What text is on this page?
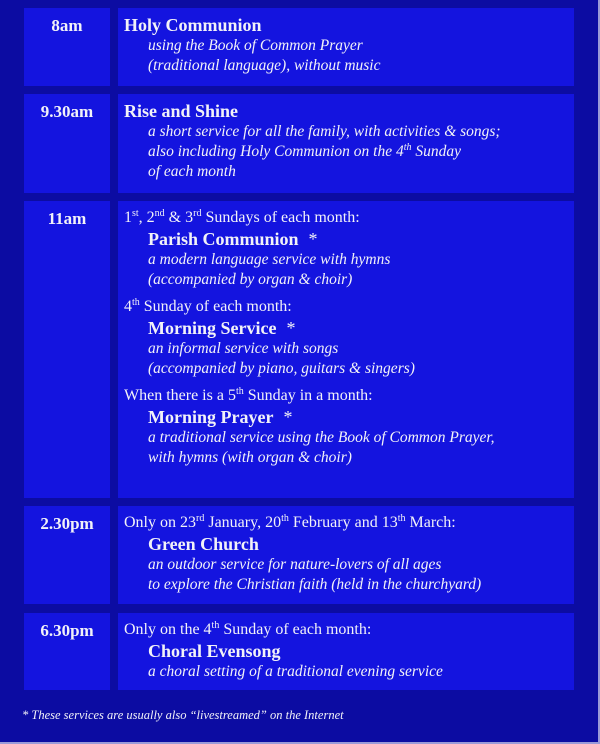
8am	Holy Communion
using the Book of Common Prayer
(traditional language), without music
9.30am	Rise and Shine
a short service for all the family, with activities & songs;
also including Holy Communion on the 4th Sunday
of each month
11am	1st, 2nd & 3rd Sundays of each month:
Parish Communion *
a modern language service with hymns
(accompanied by organ & choir)
4th Sunday of each month:
Morning Service *
an informal service with songs
(accompanied by piano, guitars & singers)
When there is a 5th Sunday in a month:
Morning Prayer *
a traditional service using the Book of Common Prayer,
with hymns (with organ & choir)
2.30pm	Only on 23rd January, 20th February and 13th March:
Green Church
an outdoor service for nature-lovers of all ages
to explore the Christian faith (held in the churchyard)
6.30pm	Only on the 4th Sunday of each month:
Choral Evensong
a choral setting of a traditional evening service
* These services are usually also “livestreamed” on the Internet
